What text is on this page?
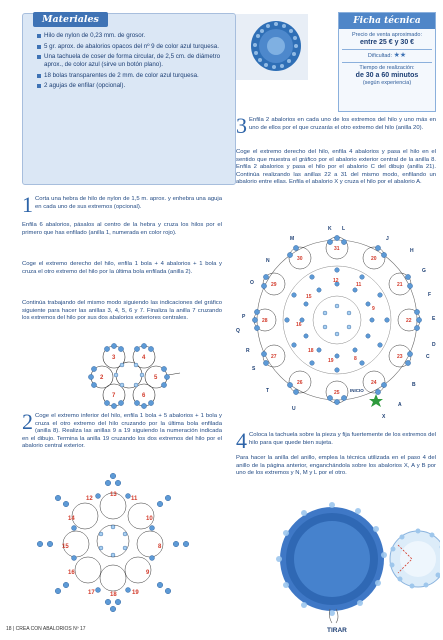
Materiales
Hilo de nylon de 0,23 mm. de grosor.
5 gr. aprox. de abalorios opacos del nº 9 de color azul turquesa.
Una tachuela de coser de forma circular, de 2,5 cm. de diámetro aprox., de color azul (sirve un botón plano).
18 bolas transparentes de 2 mm. de color azul turquesa.
2 agujas de enfilar (opcional).
Ficha técnica
Precio de venta aproximado:
entre 25 € y 30 €
Dificultad: ★★
Tiempo de realización:
de 30 a 60 minutos
(según experiencia)
1 Corta una hebra de hilo de nylon de 1,5 m. aprox. y enhebra una aguja en cada uno de sus extremos (opcional).
Enfila 6 abalorios, pásalos al centro de la hebra y cruza los hilos por el primero que has enfilado (anilla 1, numerada en color rojo).
Coge el extremo derecho del hilo, enfila 1 bola + 4 abalorios + 1 bola y cruza el otro extremo del hilo por la última bola enfilada (anilla 2).
Continúa trabajando del mismo modo siguiendo las indicaciones del gráfico siguiente para hacer las anillas 3, 4, 5, 6 y 7. Finaliza la anilla 7 cruzando los extremos del hilo por sus dos abalorios exteriores centrales.
3	4
5
6
7
2
2 Coge el extremo inferior del hilo, enfila 1 bola + 5 abalorios + 1 bola y cruza el otro extremo del hilo cruzando por la última bola enfilada (anilla 8). Realiza las anillas 9 a 19 siguiendo la numeración indicada en el dibujo. Termina la anilla 19 cruzando los dos extremos del hilo por el abalorio central exterior.
13
12	11
10
14
8
15
16	9
17	18	19
3 Enfila 2 abalorios en cada uno de los extremos del hilo y uno más en uno de ellos por el que cruzarás el otro extremo del hilo (anilla 20).
Coge el extremo derecho del hilo, enfila 4 abalorios y pasa el hilo en el sentido que muestra el gráfico por el abalorio exterior central de la anilla 8. Enfila 2 abalorios y pasa el hilo por el abalorio C del dibujo (anilla 21). Continúa realizando las anillas 22 a 31 del mismo modo, enfilando un abalorio entre ellas. Enfila el abalorio X y cruza el hilo por el abalorio A.
31
20
21
22
23
24
25
26
27
28
29
30
12
11
9
8
19
18
16
15
K L
J
M
N
O
P
Q
R
S
T
U
A
B
C
D
E
F
G
H
X
INICIO
4 Coloca la tachuela sobre la pieza y fija fuertemente de los extremos del hilo para que quede bien sujeta.
Para hacer la anilla del anillo, emplea la técnica utilizada en el paso 4 del anillo de la página anterior, enganchándola sobre los abalorios X, A y B por uno de los extremos y N, M y L por el otro.
TIRAR
18 | CREA CON ABALORIOS Nº 17
